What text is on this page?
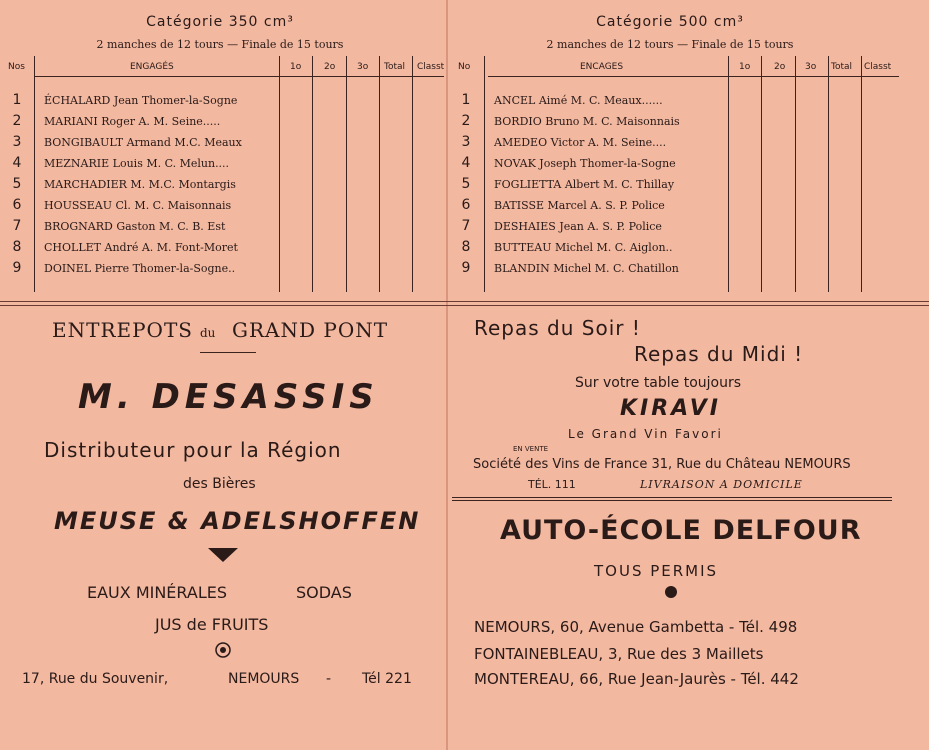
Catégorie 350 cm³
2 manches de 12 tours — Finale de 15 tours
Nos	ENGAGÉS	1o	2o 3o Total Classt
1	ÉCHALARD Jean Thomer-la-Sogne
2	MARIANI Roger A. M. Seine.....
3	BONGIBAULT Armand M.C. Meaux
4	MEZNARIE Louis M. C. Melun....
5	MARCHADIER M. M.C. Montargis
6	HOUSSEAU Cl. M. C. Maisonnais
7	BROGNARD Gaston M. C. B. Est
8	CHOLLET André A. M. Font-Moret
9	DOINEL Pierre Thomer-la-Sogne..
Catégorie 500 cm³
2 manches de 12 tours — Finale de 15 tours
No	ENCAGES	1o	2o 3o Total Classt
1	ANCEL Aimé M. C. Meaux......
2	BORDIO Bruno M. C. Maisonnais
3	AMEDEO Victor A. M. Seine....
4	NOVAK Joseph Thomer-la-Sogne
5	FOGLIETTA Albert M. C. Thillay
6	BATISSE Marcel A. S. P. Police
7	DESHAIES Jean A. S. P. Police
8	BUTTEAU Michel M. C. Aiglon..
9	BLANDIN Michel M. C. Chatillon
ENTREPOTS du GRAND PONT
M. DESASSIS
Distributeur pour la Région
des Bières
MEUSE & ADELSHOFFEN
EAUX MINÉRALES	SODAS
JUS de FRUITS
17, Rue du Souvenir,	NEMOURS - Tél 221
Repas du Soir !
Repas du Midi !
Sur votre table toujours
KIRAVI
Le Grand Vin Favori
EN VENTE
Société des Vins de France 31, Rue du Château NEMOURS
TÉL. 111	LIVRAISON A DOMICILE
AUTO-ÉCOLE DELFOUR
TOUS PERMIS
NEMOURS, 60, Avenue Gambetta - Tél. 498
FONTAINEBLEAU, 3, Rue des 3 Maillets
MONTEREAU, 66, Rue Jean-Jaurès - Tél. 442
